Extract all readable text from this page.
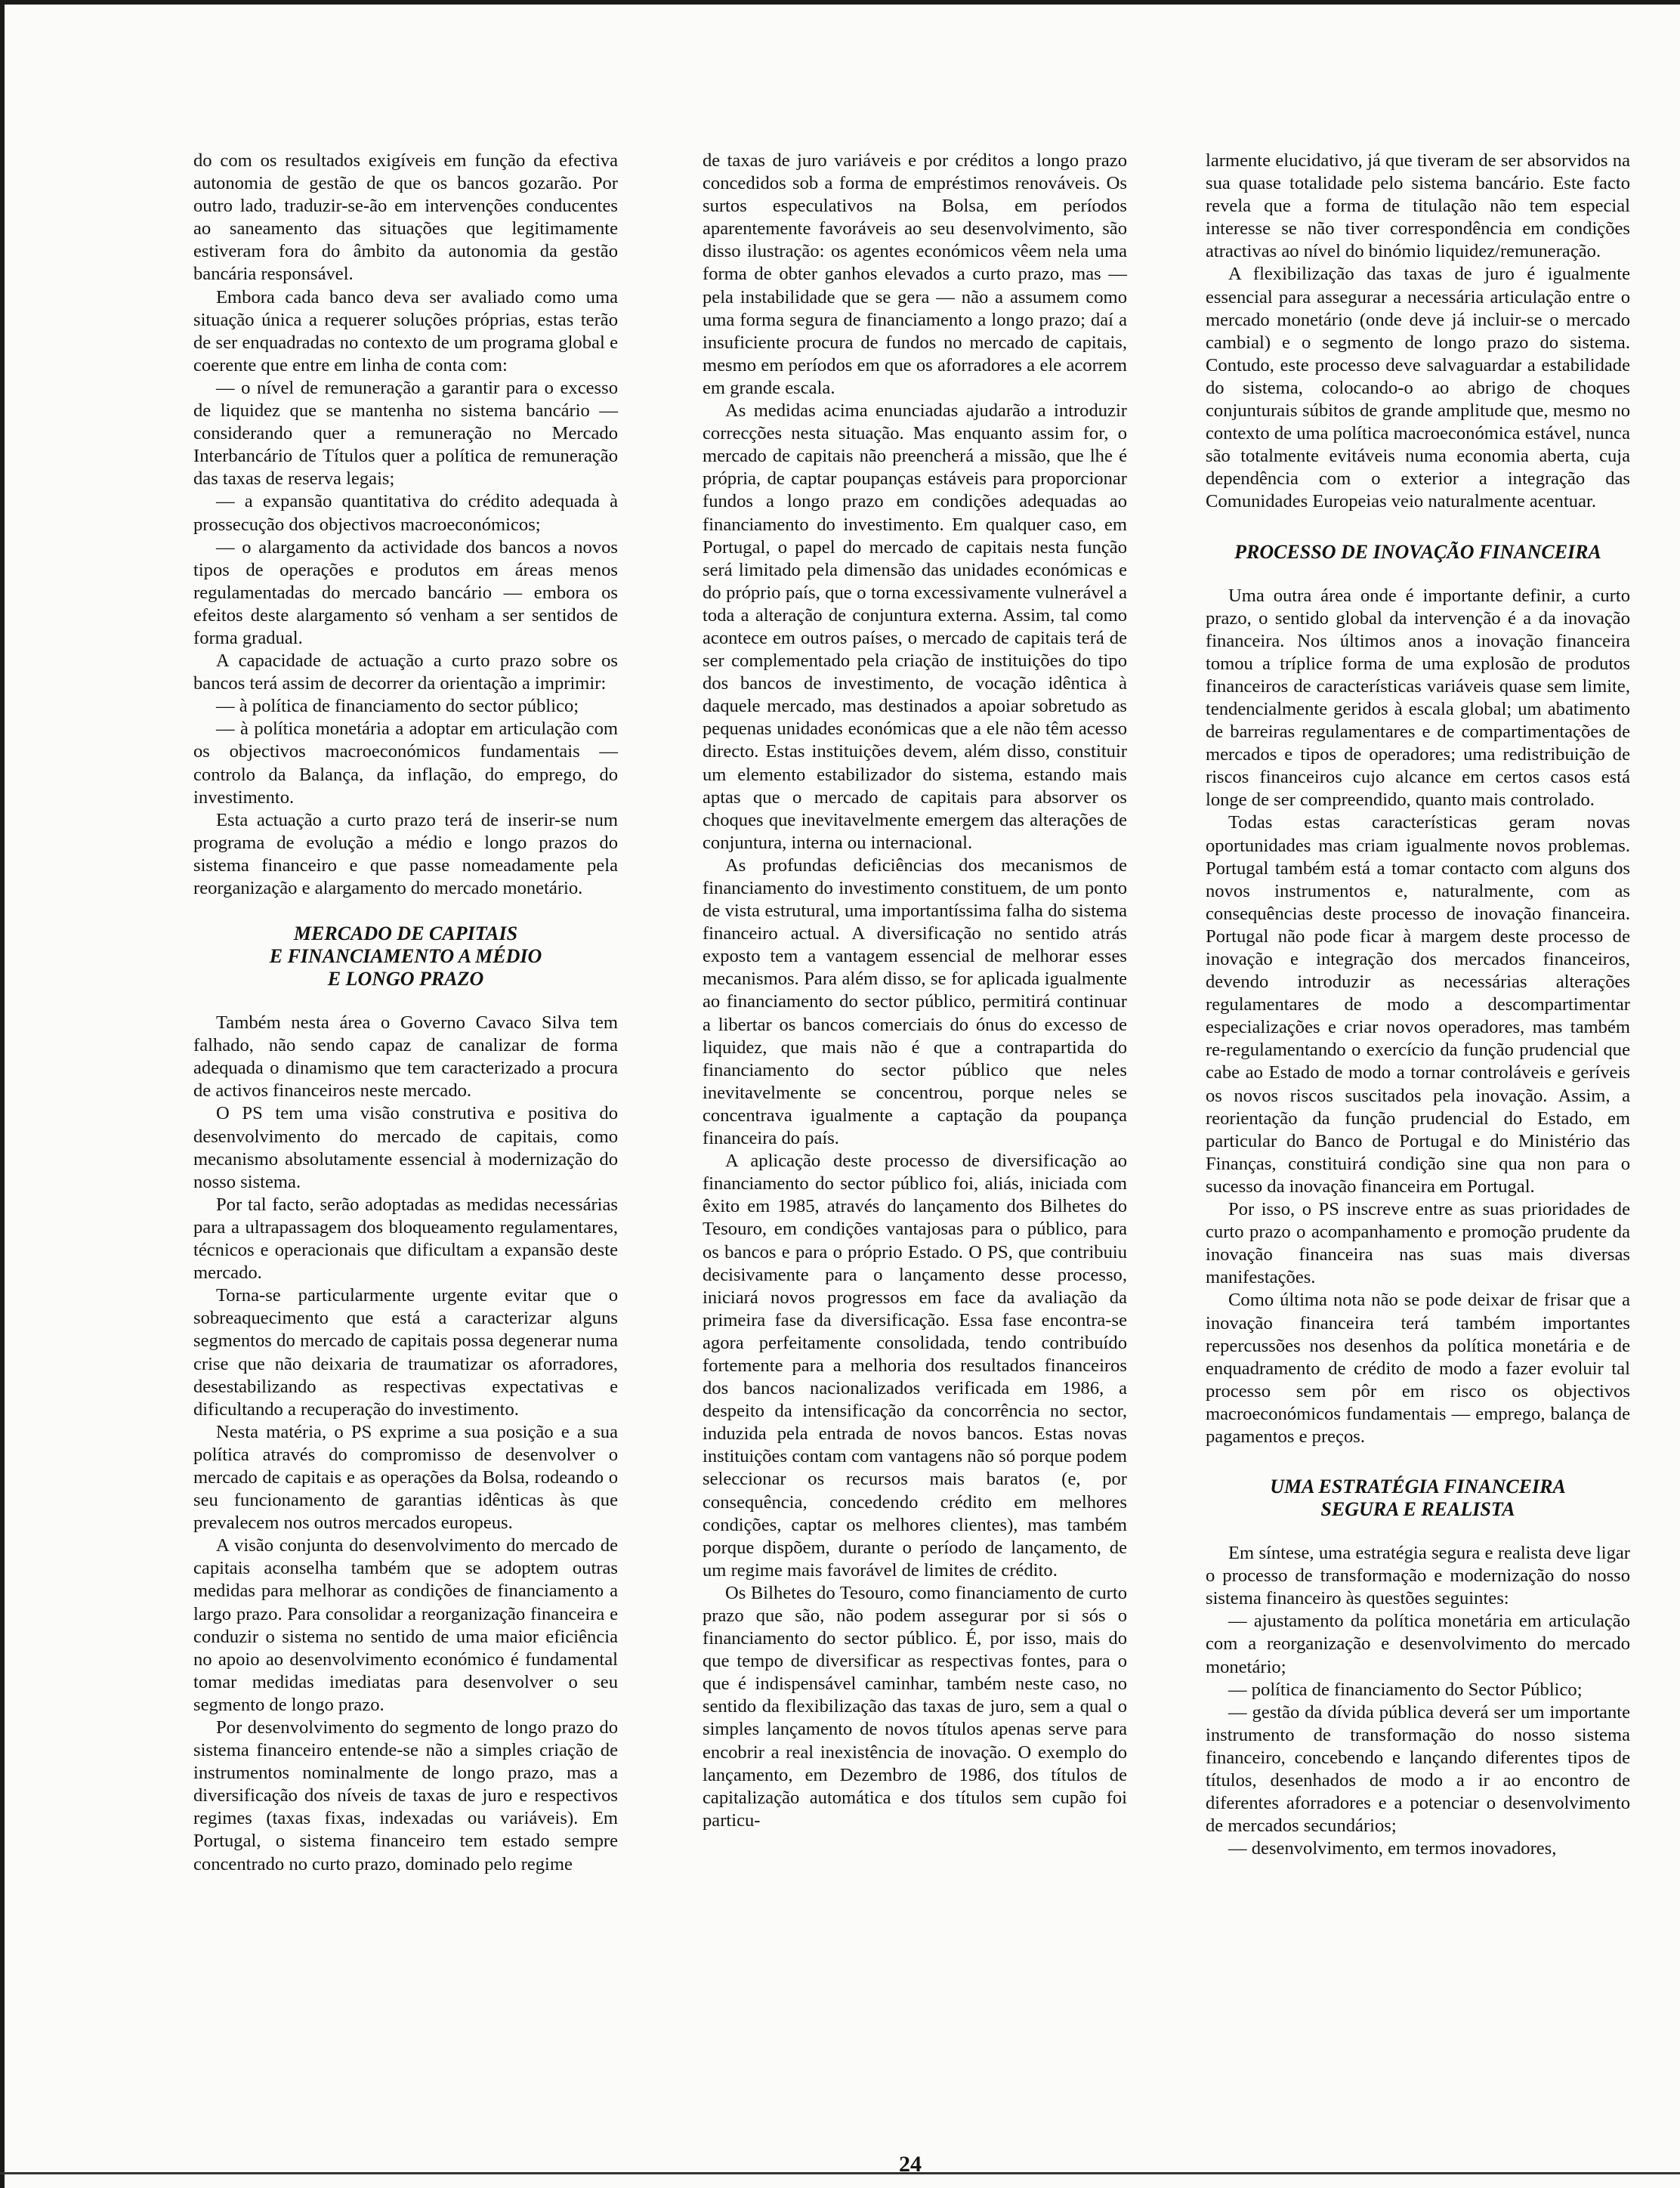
do com os resultados exigíveis em função da efectiva autonomia de gestão de que os bancos gozarão. Por outro lado, traduzir-se-ão em intervenções conducentes ao saneamento das situações que legitimamente estiveram fora do âmbito da autonomia da gestão bancária responsável.

Embora cada banco deva ser avaliado como uma situação única a requerer soluções próprias, estas terão de ser enquadradas no contexto de um programa global e coerente que entre em linha de conta com:

— o nível de remuneração a garantir para o excesso de liquidez que se mantenha no sistema bancário — considerando quer a remuneração no Mercado Interbancário de Títulos quer a política de remuneração das taxas de reserva legais;

— a expansão quantitativa do crédito adequada à prossecução dos objectivos macroeconómicos;

— o alargamento da actividade dos bancos a novos tipos de operações e produtos em áreas menos regulamentadas do mercado bancário — embora os efeitos deste alargamento só venham a ser sentidos de forma gradual.

A capacidade de actuação a curto prazo sobre os bancos terá assim de decorrer da orientação a imprimir:

— à política de financiamento do sector público;

— à política monetária a adoptar em articulação com os objectivos macroeconómicos fundamentais — controlo da Balança, da inflação, do emprego, do investimento.

Esta actuação a curto prazo terá de inserir-se num programa de evolução a médio e longo prazos do sistema financeiro e que passe nomeadamente pela reorganização e alargamento do mercado monetário.

MERCADO DE CAPITAIS
E FINANCIAMENTO A MÉDIO
E LONGO PRAZO

Também nesta área o Governo Cavaco Silva tem falhado, não sendo capaz de canalizar de forma adequada o dinamismo que tem caracterizado a procura de activos financeiros neste mercado.

O PS tem uma visão construtiva e positiva do desenvolvimento do mercado de capitais, como mecanismo absolutamente essencial à modernização do nosso sistema.

Por tal facto, serão adoptadas as medidas necessárias para a ultrapassagem dos bloqueamento regulamentares, técnicos e operacionais que dificultam a expansão deste mercado.

Torna-se particularmente urgente evitar que o sobreaquecimento que está a caracterizar alguns segmentos do mercado de capitais possa degenerar numa crise que não deixaria de traumatizar os aforradores, desestabilizando as respectivas expectativas e dificultando a recuperação do investimento.

Nesta matéria, o PS exprime a sua posição e a sua política através do compromisso de desenvolver o mercado de capitais e as operações da Bolsa, rodeando o seu funcionamento de garantias idênticas às que prevalecem nos outros mercados europeus.

A visão conjunta do desenvolvimento do mercado de capitais aconselha também que se adoptem outras medidas para melhorar as condições de financiamento a largo prazo. Para consolidar a reorganização financeira e conduzir o sistema no sentido de uma maior eficiência no apoio ao desenvolvimento económico é fundamental tomar medidas imediatas para desenvolver o seu segmento de longo prazo.

Por desenvolvimento do segmento de longo prazo do sistema financeiro entende-se não a simples criação de instrumentos nominalmente de longo prazo, mas a diversificação dos níveis de taxas de juro e respectivos regimes (taxas fixas, indexadas ou variáveis). Em Portugal, o sistema financeiro tem estado sempre concentrado no curto prazo, dominado pelo regime

de taxas de juro variáveis e por créditos a longo prazo concedidos sob a forma de empréstimos renováveis. Os surtos especulativos na Bolsa, em períodos aparentemente favoráveis ao seu desenvolvimento, são disso ilustração: os agentes económicos vêem nela uma forma de obter ganhos elevados a curto prazo, mas — pela instabilidade que se gera — não a assumem como uma forma segura de financiamento a longo prazo; daí a insuficiente procura de fundos no mercado de capitais, mesmo em períodos em que os aforradores a ele acorrem em grande escala.

As medidas acima enunciadas ajudarão a introduzir correcções nesta situação. Mas enquanto assim for, o mercado de capitais não preencherá a missão, que lhe é própria, de captar poupanças estáveis para proporcionar fundos a longo prazo em condições adequadas ao financiamento do investimento. Em qualquer caso, em Portugal, o papel do mercado de capitais nesta função será limitado pela dimensão das unidades económicas e do próprio país, que o torna excessivamente vulnerável a toda a alteração de conjuntura externa. Assim, tal como acontece em outros países, o mercado de capitais terá de ser complementado pela criação de instituições do tipo dos bancos de investimento, de vocação idêntica à daquele mercado, mas destinados a apoiar sobretudo as pequenas unidades económicas que a ele não têm acesso directo. Estas instituições devem, além disso, constituir um elemento estabilizador do sistema, estando mais aptas que o mercado de capitais para absorver os choques que inevitavelmente emergem das alterações de conjuntura, interna ou internacional.

As profundas deficiências dos mecanismos de financiamento do investimento constituem, de um ponto de vista estrutural, uma importantíssima falha do sistema financeiro actual. A diversificação no sentido atrás exposto tem a vantagem essencial de melhorar esses mecanismos. Para além disso, se for aplicada igualmente ao financiamento do sector público, permitirá continuar a libertar os bancos comerciais do ónus do excesso de liquidez, que mais não é que a contrapartida do financiamento do sector público que neles inevitavelmente se concentrou, porque neles se concentrava igualmente a captação da poupança financeira do país.

A aplicação deste processo de diversificação ao financiamento do sector público foi, aliás, iniciada com êxito em 1985, através do lançamento dos Bilhetes do Tesouro, em condições vantajosas para o público, para os bancos e para o próprio Estado. O PS, que contribuiu decisivamente para o lançamento desse processo, iniciará novos progressos em face da avaliação da primeira fase da diversificação. Essa fase encontra-se agora perfeitamente consolidada, tendo contribuído fortemente para a melhoria dos resultados financeiros dos bancos nacionalizados verificada em 1986, a despeito da intensificação da concorrência no sector, induzida pela entrada de novos bancos. Estas novas instituições contam com vantagens não só porque podem seleccionar os recursos mais baratos (e, por consequência, concedendo crédito em melhores condições, captar os melhores clientes), mas também porque dispõem, durante o período de lançamento, de um regime mais favorável de limites de crédito.

Os Bilhetes do Tesouro, como financiamento de curto prazo que são, não podem assegurar por si sós o financiamento do sector público. É, por isso, mais do que tempo de diversificar as respectivas fontes, para o que é indispensável caminhar, também neste caso, no sentido da flexibilização das taxas de juro, sem a qual o simples lançamento de novos títulos apenas serve para encobrir a real inexistência de inovação. O exemplo do lançamento, em Dezembro de 1986, dos títulos de capitalização automática e dos títulos sem cupão foi particu-

larmente elucidativo, já que tiveram de ser absorvidos na sua quase totalidade pelo sistema bancário. Este facto revela que a forma de titulação não tem especial interesse se não tiver correspondência em condições atractivas ao nível do binómio liquidez/remuneração.

A flexibilização das taxas de juro é igualmente essencial para assegurar a necessária articulação entre o mercado monetário (onde deve já incluir-se o mercado cambial) e o segmento de longo prazo do sistema. Contudo, este processo deve salvaguardar a estabilidade do sistema, colocando-o ao abrigo de choques conjunturais súbitos de grande amplitude que, mesmo no contexto de uma política macroeconómica estável, nunca são totalmente evitáveis numa economia aberta, cuja dependência com o exterior a integração das Comunidades Europeias veio naturalmente acentuar.

PROCESSO DE INOVAÇÃO FINANCEIRA

Uma outra área onde é importante definir, a curto prazo, o sentido global da intervenção é a da inovação financeira. Nos últimos anos a inovação financeira tomou a tríplice forma de uma explosão de produtos financeiros de características variáveis quase sem limite, tendencialmente geridos à escala global; um abatimento de barreiras regulamentares e de compartimentações de mercados e tipos de operadores; uma redistribuição de riscos financeiros cujo alcance em certos casos está longe de ser compreendido, quanto mais controlado.

Todas estas características geram novas oportunidades mas criam igualmente novos problemas. Portugal também está a tomar contacto com alguns dos novos instrumentos e, naturalmente, com as consequências deste processo de inovação financeira. Portugal não pode ficar à margem deste processo de inovação e integração dos mercados financeiros, devendo introduzir as necessárias alterações regulamentares de modo a descompartimentar especializações e criar novos operadores, mas também re-regulamentando o exercício da função prudencial que cabe ao Estado de modo a tornar controláveis e geríveis os novos riscos suscitados pela inovação. Assim, a reorientação da função prudencial do Estado, em particular do Banco de Portugal e do Ministério das Finanças, constituirá condição sine qua non para o sucesso da inovação financeira em Portugal.

Por isso, o PS inscreve entre as suas prioridades de curto prazo o acompanhamento e promoção prudente da inovação financeira nas suas mais diversas manifestações.

Como última nota não se pode deixar de frisar que a inovação financeira terá também importantes repercussões nos desenhos da política monetária e de enquadramento de crédito de modo a fazer evoluir tal processo sem pôr em risco os objectivos macroeconómicos fundamentais — emprego, balança de pagamentos e preços.

UMA ESTRATÉGIA FINANCEIRA
SEGURA E REALISTA

Em síntese, uma estratégia segura e realista deve ligar o processo de transformação e modernização do nosso sistema financeiro às questões seguintes:

— ajustamento da política monetária em articulação com a reorganização e desenvolvimento do mercado monetário;

— política de financiamento do Sector Público;

— gestão da dívida pública deverá ser um importante instrumento de transformação do nosso sistema financeiro, concebendo e lançando diferentes tipos de títulos, desenhados de modo a ir ao encontro de diferentes aforradores e a potenciar o desenvolvimento de mercados secundários;

— desenvolvimento, em termos inovadores,

24
